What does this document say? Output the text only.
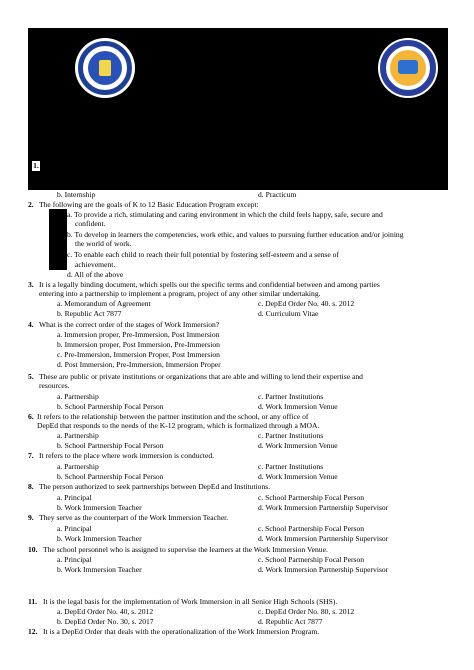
1.
b. Internship	d. Practicum
2. The following are the goals of K to 12 Basic Education Program except:
a. To provide a rich, stimulating and caring environment in which the child feels happy, safe, secure and
confident.
b. To develop in learners the competencies, work ethic, and values to pursuing further education and/or joining
the world of work.
c. To enable each child to reach their full potential by fostering self-esteem and a sense of
achievement.
d. All of the above
3. It is a legally binding document, which spells out the specific terms and confidential between and among parties
entering into a partnership to implement a program, project of any other similar undertaking.
a. Memorandum of Agreement	c. DepEd Order No. 40. s. 2012
b. Republic Act 7877	d. Curriculum Vitae
4. What is the correct order of the stages of Work Immersion?
a. Immersion proper, Pre-Immersion, Post Immersion
b. Immersion proper, Post Immersion, Pre-Immersion
c. Pre-Immersion, Immersion Proper, Post Immersion
d. Post Immersion, Pre-Immersion, Immersion Proper
5. These are public or private institutions or organizations that are able and willing to lend their expertise and
resources.
a. Partnership	c. Partner Institutions
b. School Partnership Focal Person	d. Work Immersion Venue
6. It refers to the relationship between the partner institution and the school, or any office of
DepEd that responds to the needs of the K-12 program, which is formalized through a MOA.
a. Partnership	c. Partner Institutions
b. School Partnership Focal Person	d. Work Immersion Venue
7. It refers to the place where work immersion is conducted.
a. Partnership	c. Partner Institutions
b. School Partnership Focal Person	d. Work Immersion Venue
8. The person authorized to seek partnerships between DepEd and Institutions.
a. Principal	c. School Partnership Focal Person
b. Work Immersion Teacher	d. Work Immersion Partnership Supervisor
9. They serve as the counterpart of the Work Immersion Teacher.
a. Principal	c. School Partnership Focal Person
b. Work Immersion Teacher	d. Work Immersion Partnership Supervisor
10. The school personnel who is assigned to supervise the learners at the Work Immersion Venue.
a. Principal	c. School Partnership Focal Person
b. Work Immersion Teacher	d. Work Immersion Partnership Supervisor
11. It is the legal basis for the implementation of Work Immersion in all Senior High Schools (SHS).
a. DepEd Order No. 40, s. 2012	c. DepEd Order No. 80, s. 2012
b. DepEd Order No. 30, s. 2017	d. Republic Act 7877
12. It is a DepEd Order that deals with the operationalization of the Work Immersion Program.
